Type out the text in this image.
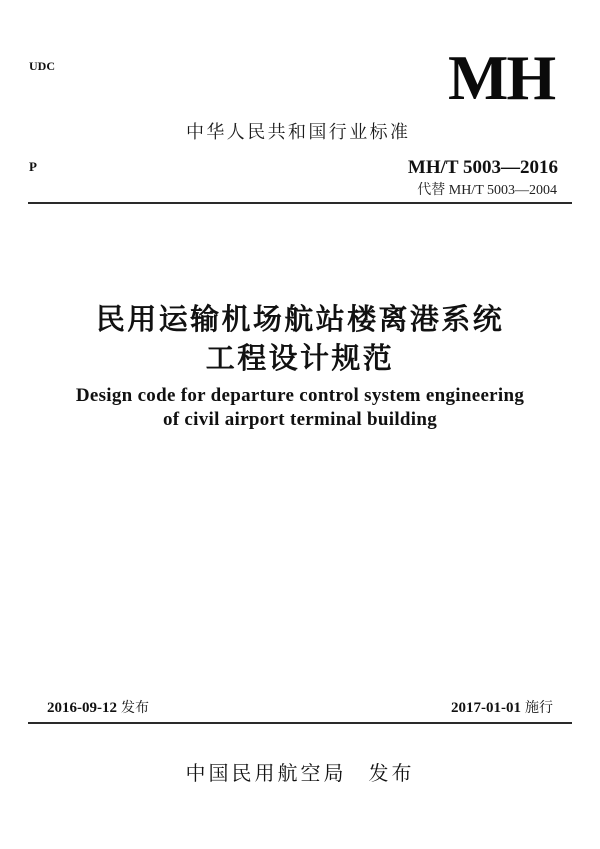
UDC	MH
中华人民共和国行业标准
P	MH/T 5003—2016
代替 MH/T 5003—2004
民用运输机场航站楼离港系统
工程设计规范
Design code for departure control system engineering
of civil airport terminal building
2016-09-12 发布	2017-01-01 施行
中国民用航空局 发布
